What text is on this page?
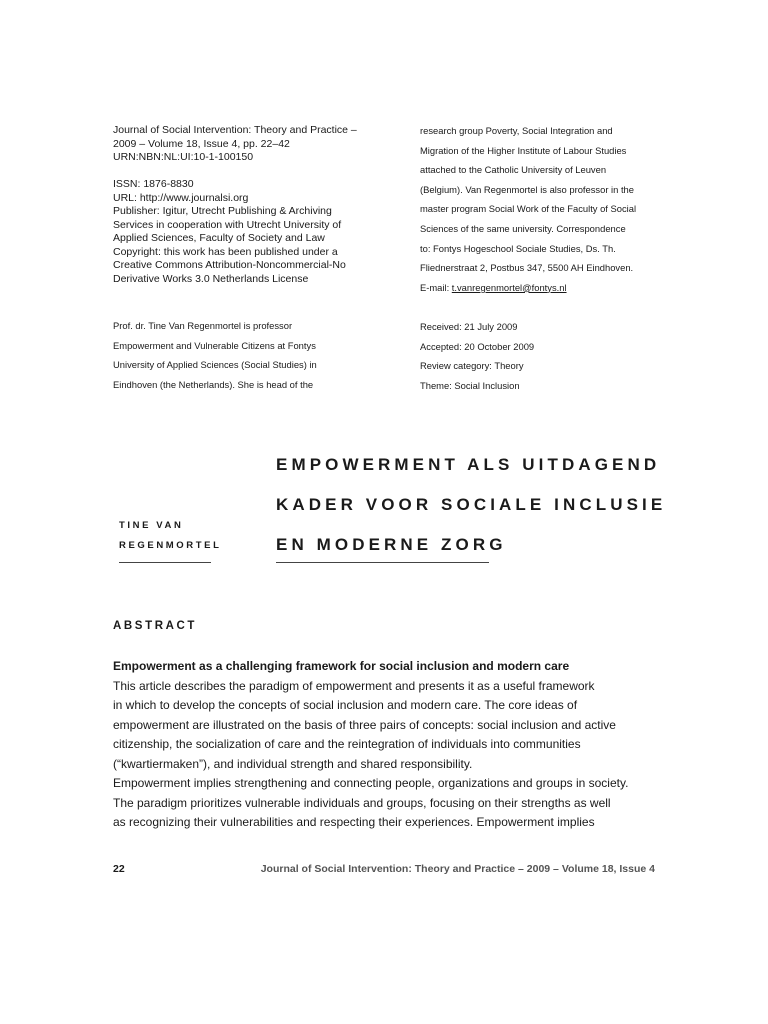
Journal of Social Intervention: Theory and Practice –
2009 – Volume 18, Issue 4, pp. 22–42
URN:NBN:NL:UI:10-1-100150
ISSN: 1876-8830
URL: http://www.journalsi.org
Publisher: Igitur, Utrecht Publishing & Archiving
Services in cooperation with Utrecht University of
Applied Sciences, Faculty of Society and Law
Copyright: this work has been published under a
Creative Commons Attribution-Noncommercial-No
Derivative Works 3.0 Netherlands License
Prof. dr. Tine Van Regenmortel is professor
Empowerment and Vulnerable Citizens at Fontys
University of Applied Sciences (Social Studies) in
Eindhoven (the Netherlands). She is head of the
research group Poverty, Social Integration and
Migration of the Higher Institute of Labour Studies
attached to the Catholic University of Leuven
(Belgium). Van Regenmortel is also professor in the
master program Social Work of the Faculty of Social
Sciences of the same university. Correspondence
to: Fontys Hogeschool Sociale Studies, Ds. Th.
Fliednerstraat 2, Postbus 347, 5500 AH Eindhoven.
E-mail: t.vanregenmortel@fontys.nl
Received: 21 July 2009
Accepted: 20 October 2009
Review category: Theory
Theme: Social Inclusion
TINE VAN
REGENMORTEL
EMPOWERMENT ALS UITDAGEND
KADER VOOR SOCIALE INCLUSIE
EN MODERNE ZORG
ABSTRACT
Empowerment as a challenging framework for social inclusion and modern care
This article describes the paradigm of empowerment and presents it as a useful framework
in which to develop the concepts of social inclusion and modern care. The core ideas of
empowerment are illustrated on the basis of three pairs of concepts: social inclusion and active
citizenship, the socialization of care and the reintegration of individuals into communities
(“kwartiermaken”), and individual strength and shared responsibility.
Empowerment implies strengthening and connecting people, organizations and groups in society.
The paradigm prioritizes vulnerable individuals and groups, focusing on their strengths as well
as recognizing their vulnerabilities and respecting their experiences. Empowerment implies
22	Journal of Social Intervention: Theory and Practice – 2009 – Volume 18, Issue 4
